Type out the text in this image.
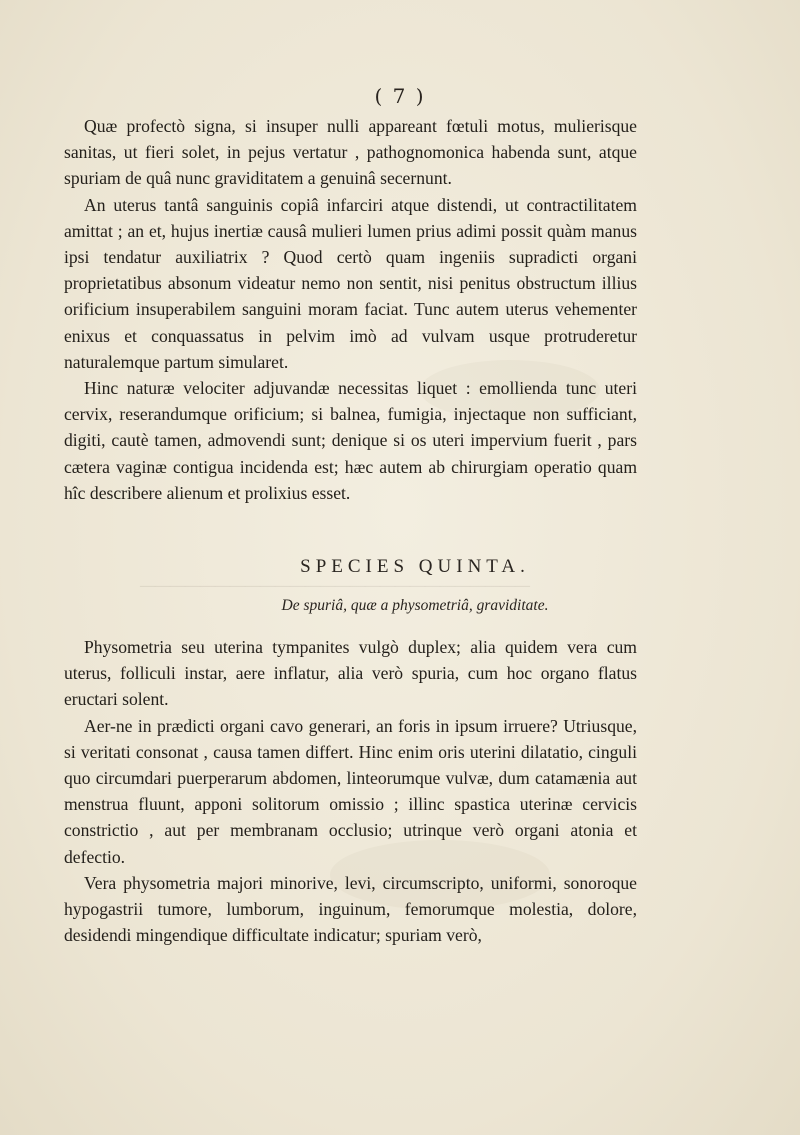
( 7 )

Quæ profectò signa, si insuper nulli appareant fœtuli motus, mulierisque sanitas, ut fieri solet, in pejus vertatur , pathognomonica habenda sunt, atque spuriam de quâ nunc graviditatem a genuinâ secernunt.

An uterus tantâ sanguinis copiâ infarciri atque distendi, ut contractilitatem amittat ; an et, hujus inertiæ causâ mulieri lumen prius adimi possit quàm manus ipsi tendatur auxiliatrix ? Quod certò quam ingeniis supradicti organi proprietatibus absonum videatur nemo non sentit, nisi penitus obstructum illius orificium insuperabilem sanguini moram faciat. Tunc autem uterus vehementer enixus et conquassatus in pelvim imò ad vulvam usque protruderetur naturalemque partum simularet.

Hinc naturæ velociter adjuvandæ necessitas liquet : emollienda tunc uteri cervix, reserandumque orificium; si balnea, fumigia, injectaque non sufficiant, digiti, cautè tamen, admovendi sunt; denique si os uteri impervium fuerit , pars cætera vaginæ contigua incidenda est; hæc autem ab chirurgiam operatio quam hîc describere alienum et prolixius esset.

SPECIES QUINTA.
De spuriâ, quæ a physometriâ, graviditate.
——————————————————————————

Physometria seu uterina tympanites vulgò duplex; alia quidem vera cum uterus, folliculi instar, aere inflatur, alia verò spuria, cum hoc organo flatus eructari solent.

Aer-ne in prædicti organi cavo generari, an foris in ipsum irruere? Utriusque, si veritati consonat , causa tamen differt. Hinc enim oris uterini dilatatio, cinguli quo circumdari puerperarum abdomen, linteorumque vulvæ, dum catamænia aut menstrua fluunt, apponi solitorum omissio ; illinc spastica uterinæ cervicis constrictio , aut per membranam occlusio; utrinque verò organi atonia et defectio.

Vera physometria majori minorive, levi, circumscripto, uniformi, sonoroque hypogastrii tumore, lumborum, inguinum, femorumque molestia, dolore, desidendi mingendique difficultate indicatur; spuriam verò,
